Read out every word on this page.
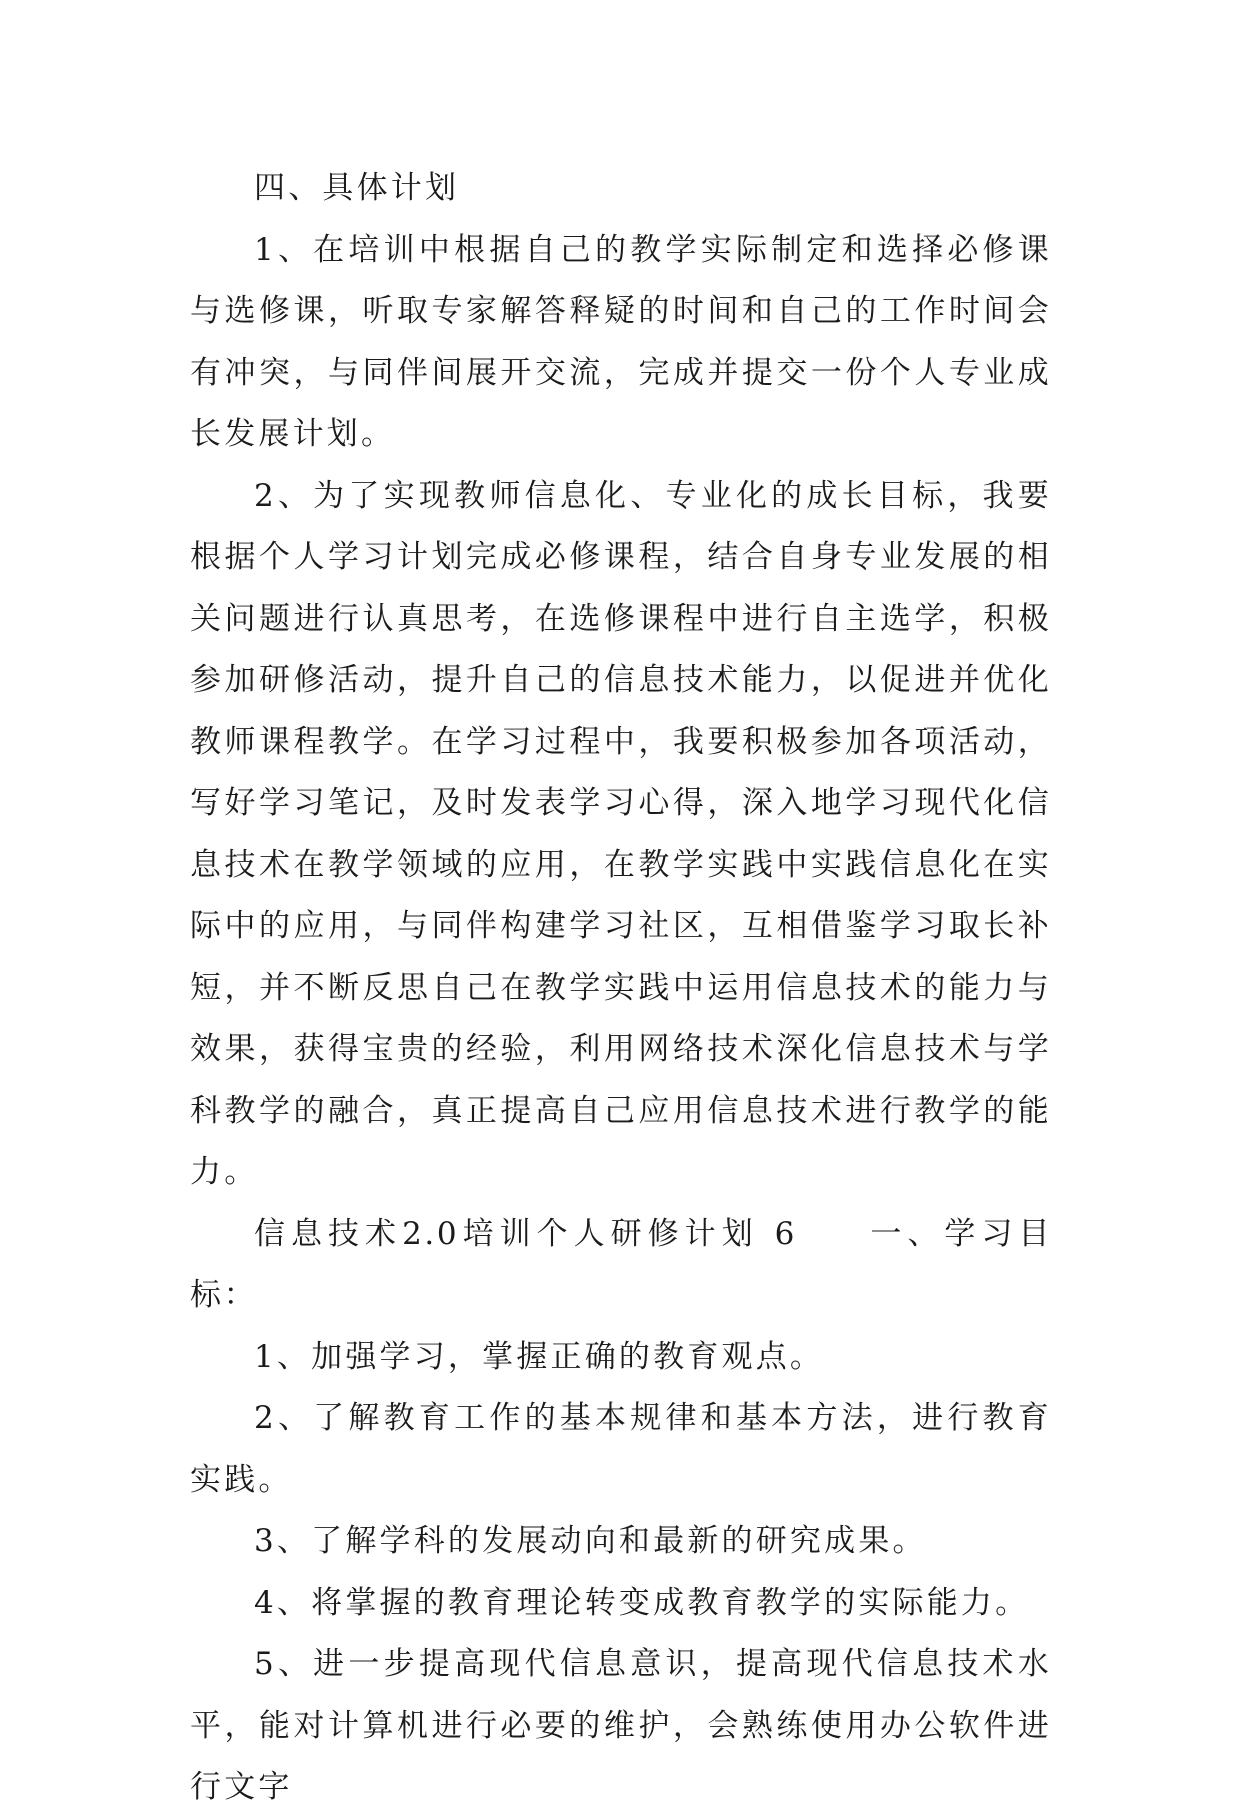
四、具体计划

1、在培训中根据自己的教学实际制定和选择必修课与选修课，听取专家解答释疑的时间和自己的工作时间会有冲突，与同伴间展开交流，完成并提交一份个人专业成长发展计划。

2、为了实现教师信息化、专业化的成长目标，我要根据个人学习计划完成必修课程，结合自身专业发展的相关问题进行认真思考，在选修课程中进行自主选学，积极参加研修活动，提升自己的信息技术能力，以促进并优化教师课程教学。在学习过程中，我要积极参加各项活动，写好学习笔记，及时发表学习心得，深入地学习现代化信息技术在教学领域的应用，在教学实践中实践信息化在实际中的应用，与同伴构建学习社区，互相借鉴学习取长补短，并不断反思自己在教学实践中运用信息技术的能力与效果，获得宝贵的经验，利用网络技术深化信息技术与学科教学的融合，真正提高自己应用信息技术进行教学的能力。

信息技术2.0培训个人研修计划 6 一、学习目标：

1、加强学习，掌握正确的教育观点。

2、了解教育工作的基本规律和基本方法，进行教育实践。

3、了解学科的发展动向和最新的研究成果。

4、将掌握的教育理论转变成教育教学的实际能力。

5、进一步提高现代信息意识，提高现代信息技术水平，能对计算机进行必要的维护，会熟练使用办公软件进行文字
